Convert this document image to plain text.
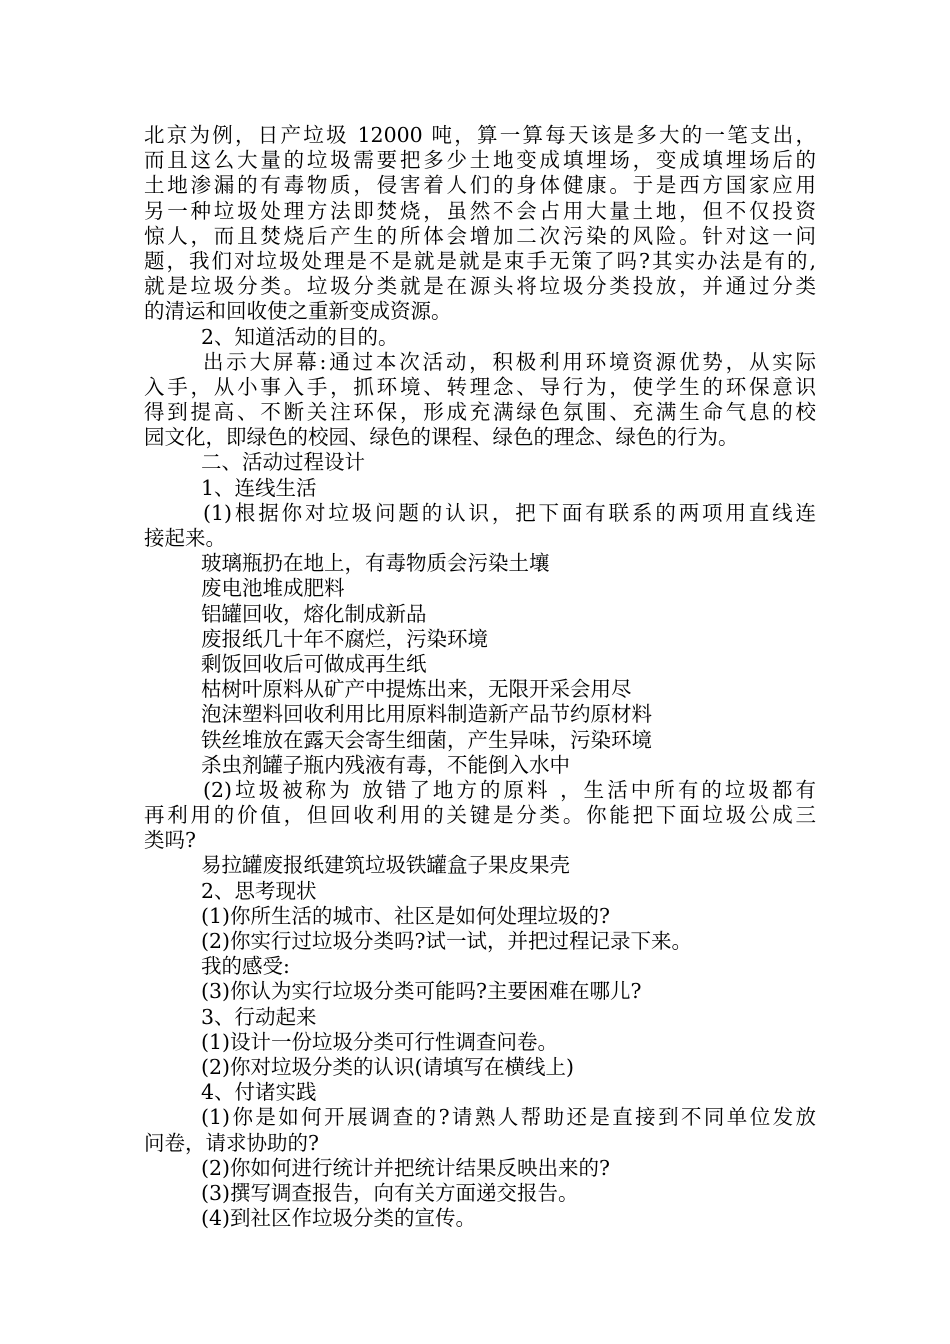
北京为例，日产垃圾 12000 吨，算一算每天该是多大的一笔支出，
而且这么大量的垃圾需要把多少土地变成填埋场，变成填埋场后的
土地渗漏的有毒物质，侵害着人们的身体健康。于是西方国家应用
另一种垃圾处理方法即焚烧，虽然不会占用大量土地，但不仅投资
惊人，而且焚烧后产生的所体会增加二次污染的风险。针对这一问
题，我们对垃圾处理是不是就是就是束手无策了吗?其实办法是有的,
就是垃圾分类。垃圾分类就是在源头将垃圾分类投放，并通过分类
的清运和回收使之重新变成资源。
2、知道活动的目的。
出示大屏幕:通过本次活动，积极利用环境资源优势，从实际
入手，从小事入手，抓环境、转理念、导行为，使学生的环保意识
得到提高、不断关注环保，形成充满绿色氛围、充满生命气息的校
园文化，即绿色的校园、绿色的课程、绿色的理念、绿色的行为。
二、活动过程设计
1、连线生活
(1)根据你对垃圾问题的认识，把下面有联系的两项用直线连
接起来。
玻璃瓶扔在地上，有毒物质会污染土壤
废电池堆成肥料
铝罐回收，熔化制成新品
废报纸几十年不腐烂，污染环境
剩饭回收后可做成再生纸
枯树叶原料从矿产中提炼出来，无限开采会用尽
泡沫塑料回收利用比用原料制造新产品节约原材料
铁丝堆放在露天会寄生细菌，产生异味，污染环境
杀虫剂罐子瓶内残液有毒，不能倒入水中
(2)垃圾被称为 放错了地方的原料 ，生活中所有的垃圾都有
再利用的价值，但回收利用的关键是分类。你能把下面垃圾公成三
类吗?
易拉罐废报纸建筑垃圾铁罐盒子果皮果壳
2、思考现状
(1)你所生活的城市、社区是如何处理垃圾的?
(2)你实行过垃圾分类吗?试一试，并把过程记录下来。
我的感受:
(3)你认为实行垃圾分类可能吗?主要困难在哪儿?
3、行动起来
(1)设计一份垃圾分类可行性调查问卷。
(2)你对垃圾分类的认识(请填写在横线上)
4、付诸实践
(1)你是如何开展调查的?请熟人帮助还是直接到不同单位发放
问卷，请求协助的?
(2)你如何进行统计并把统计结果反映出来的?
(3)撰写调查报告，向有关方面递交报告。
(4)到社区作垃圾分类的宣传。
